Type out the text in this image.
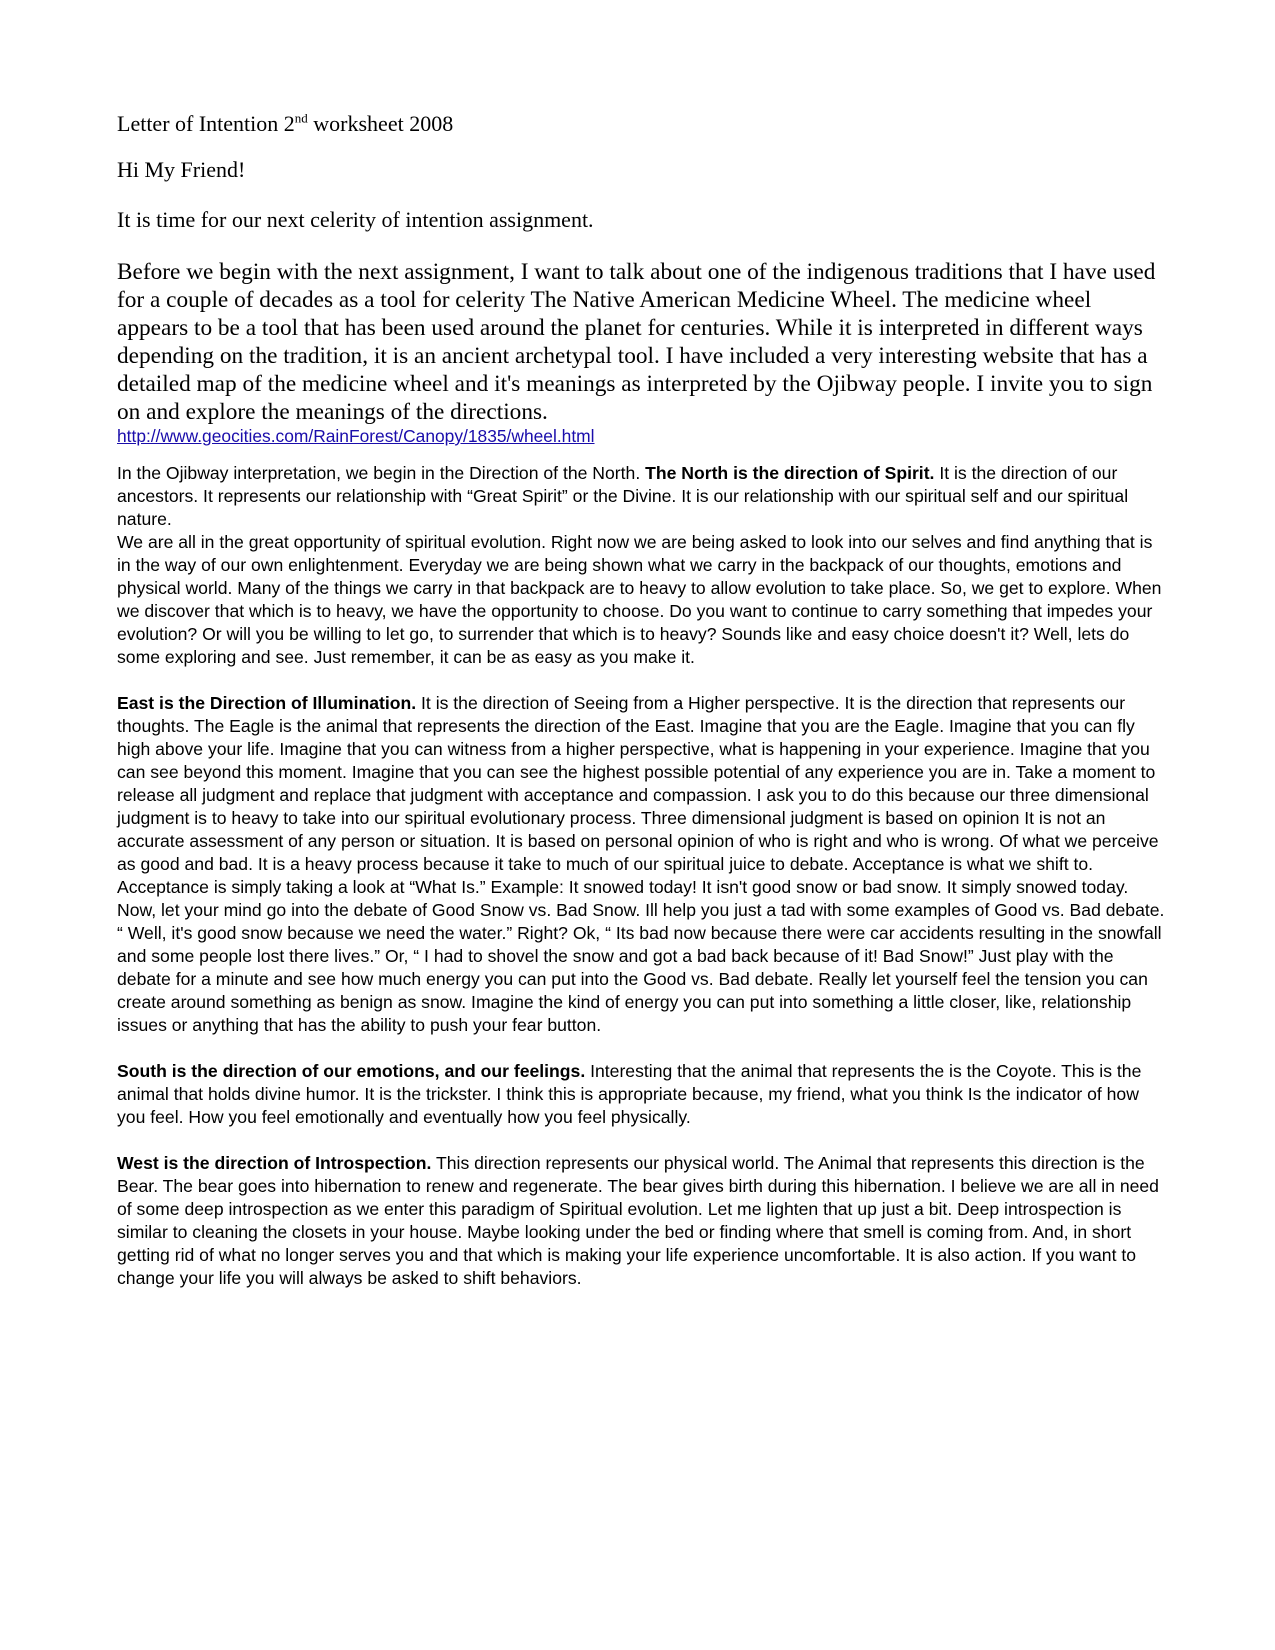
Letter of Intention 2nd worksheet 2008

Hi My Friend!

It is time for our next celerity of intention assignment.

Before we begin with the next assignment, I want to talk about one of the indigenous traditions that I have used for a couple of decades as a tool for celerity The Native American Medicine Wheel. The medicine wheel appears to be a tool that has been used around the planet for centuries. While it is interpreted in different ways depending on the tradition, it is an ancient archetypal tool. I have included a very interesting website that has a detailed map of the medicine wheel and it's meanings as interpreted by the Ojibway people. I invite you to sign on and explore the meanings of the directions.

http://www.geocities.com/RainForest/Canopy/1835/wheel.html

In the Ojibway interpretation, we begin in the Direction of the North. The North is the direction of Spirit. It is the direction of our ancestors. It represents our relationship with “Great Spirit” or the Divine. It is our relationship with our spiritual self and our spiritual nature.

We are all in the great opportunity of spiritual evolution. Right now we are being asked to look into our selves and find anything that is in the way of our own enlightenment. Everyday we are being shown what we carry in the backpack of our thoughts, emotions and physical world. Many of the things we carry in that backpack are to heavy to allow evolution to take place. So, we get to explore. When we discover that which is to heavy, we have the opportunity to choose. Do you want to continue to carry something that impedes your evolution? Or will you be willing to let go, to surrender that which is to heavy? Sounds like and easy choice doesn't it? Well, lets do some exploring and see. Just remember, it can be as easy as you make it.

East is the Direction of Illumination. It is the direction of Seeing from a Higher perspective. It is the direction that represents our thoughts. The Eagle is the animal that represents the direction of the East. Imagine that you are the Eagle. Imagine that you can fly high above your life. Imagine that you can witness from a higher perspective, what is happening in your experience. Imagine that you can see beyond this moment. Imagine that you can see the highest possible potential of any experience you are in. Take a moment to release all judgment and replace that judgment with acceptance and compassion. I ask you to do this because our three dimensional judgment is to heavy to take into our spiritual evolutionary process. Three dimensional judgment is based on opinion It is not an accurate assessment of any person or situation. It is based on personal opinion of who is right and who is wrong. Of what we perceive as good and bad. It is a heavy process because it take to much of our spiritual juice to debate. Acceptance is what we shift to. Acceptance is simply taking a look at “What Is.” Example: It snowed today! It isn't good snow or bad snow. It simply snowed today. Now, let your mind go into the debate of Good Snow vs. Bad Snow. Ill help you just a tad with some examples of Good vs. Bad debate. “ Well, it's good snow because we need the water.” Right? Ok, “ Its bad now because there were car accidents resulting in the snowfall and some people lost there lives.” Or, “ I had to shovel the snow and got a bad back because of it! Bad Snow!” Just play with the debate for a minute and see how much energy you can put into the Good vs. Bad debate. Really let yourself feel the tension you can create around something as benign as snow. Imagine the kind of energy you can put into something a little closer, like, relationship issues or anything that has the ability to push your fear button.

South is the direction of our emotions, and our feelings. Interesting that the animal that represents the is the Coyote. This is the animal that holds divine humor. It is the trickster. I think this is appropriate because, my friend, what you think Is the indicator of how you feel. How you feel emotionally and eventually how you feel physically.

West is the direction of Introspection. This direction represents our physical world. The Animal that represents this direction is the Bear. The bear goes into hibernation to renew and regenerate. The bear gives birth during this hibernation. I believe we are all in need of some deep introspection as we enter this paradigm of Spiritual evolution. Let me lighten that up just a bit. Deep introspection is similar to cleaning the closets in your house. Maybe looking under the bed or finding where that smell is coming from. And, in short getting rid of what no longer serves you and that which is making your life experience uncomfortable. It is also action. If you want to change your life you will always be asked to shift behaviors.
